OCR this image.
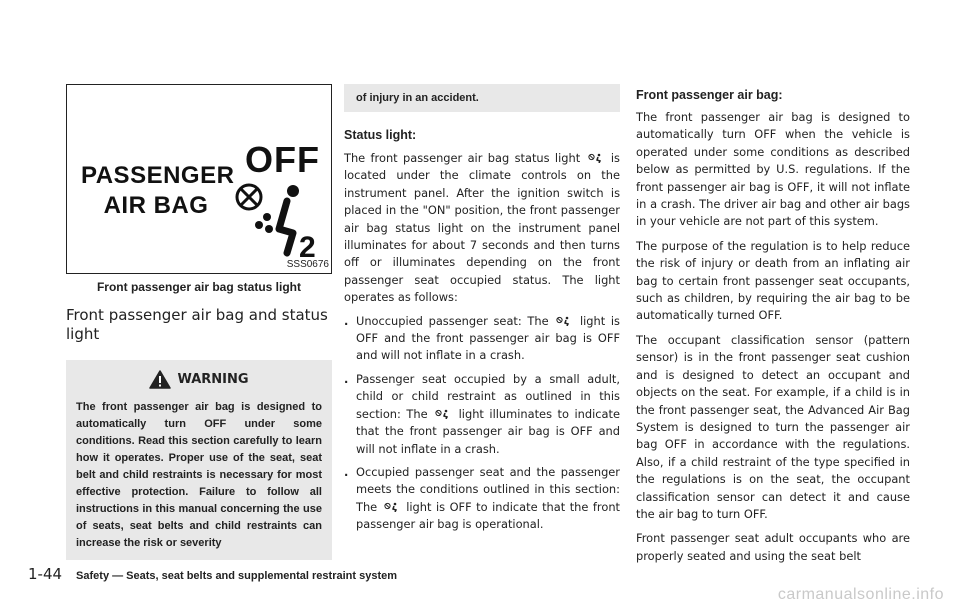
PASSENGER
AIR BAG
OFF
2
SSS0676
Front passenger air bag status light
Front passenger air bag and status light
WARNING

The front passenger air bag is designed to automatically turn OFF under some conditions. Read this section carefully to learn how it operates. Proper use of the seat, seat belt and child restraints is necessary for most effective protection. Failure to follow all instructions in this manual concerning the use of seats, seat belts and child restraints can increase the risk or severity

of injury in an accident.
Status light:

The front passenger air bag status light	is located under the climate controls on the instrument panel. After the ignition switch is placed in the "ON" position, the front passenger air bag status light on the instrument panel illuminates for about 7 seconds and then turns off or illuminates depending on the front passenger seat occupied status. The light operates as follows:

. Unoccupied passenger seat: The	light is OFF and the front passenger air bag is OFF and will not inflate in a crash.
. Passenger seat occupied by a small adult, child or child restraint as outlined in this section: The	light illuminates to indicate that the front passenger air bag is OFF and will not inflate in a crash.
. Occupied passenger seat and the passenger meets the conditions outlined in this section: The	light is OFF to indicate that the front passenger air bag is operational.
Front passenger air bag:

The front passenger air bag is designed to automatically turn OFF when the vehicle is operated under some conditions as described below as permitted by U.S. regulations. If the front passenger air bag is OFF, it will not inflate in a crash. The driver air bag and other air bags in your vehicle are not part of this system.

The purpose of the regulation is to help reduce the risk of injury or death from an inflating air bag to certain front passenger seat occupants, such as children, by requiring the air bag to be automatically turned OFF.

The occupant classification sensor (pattern sensor) is in the front passenger seat cushion and is designed to detect an occupant and objects on the seat. For example, if a child is in the front passenger seat, the Advanced Air Bag System is designed to turn the passenger air bag OFF in accordance with the regulations. Also, if a child restraint of the type specified in the regulations is on the seat, the occupant classification sensor can detect it and cause the air bag to turn OFF.

Front passenger seat adult occupants who are properly seated and using the seat belt

1-44 Safety — Seats, seat belts and supplemental restraint system
carmanualsonline.info
